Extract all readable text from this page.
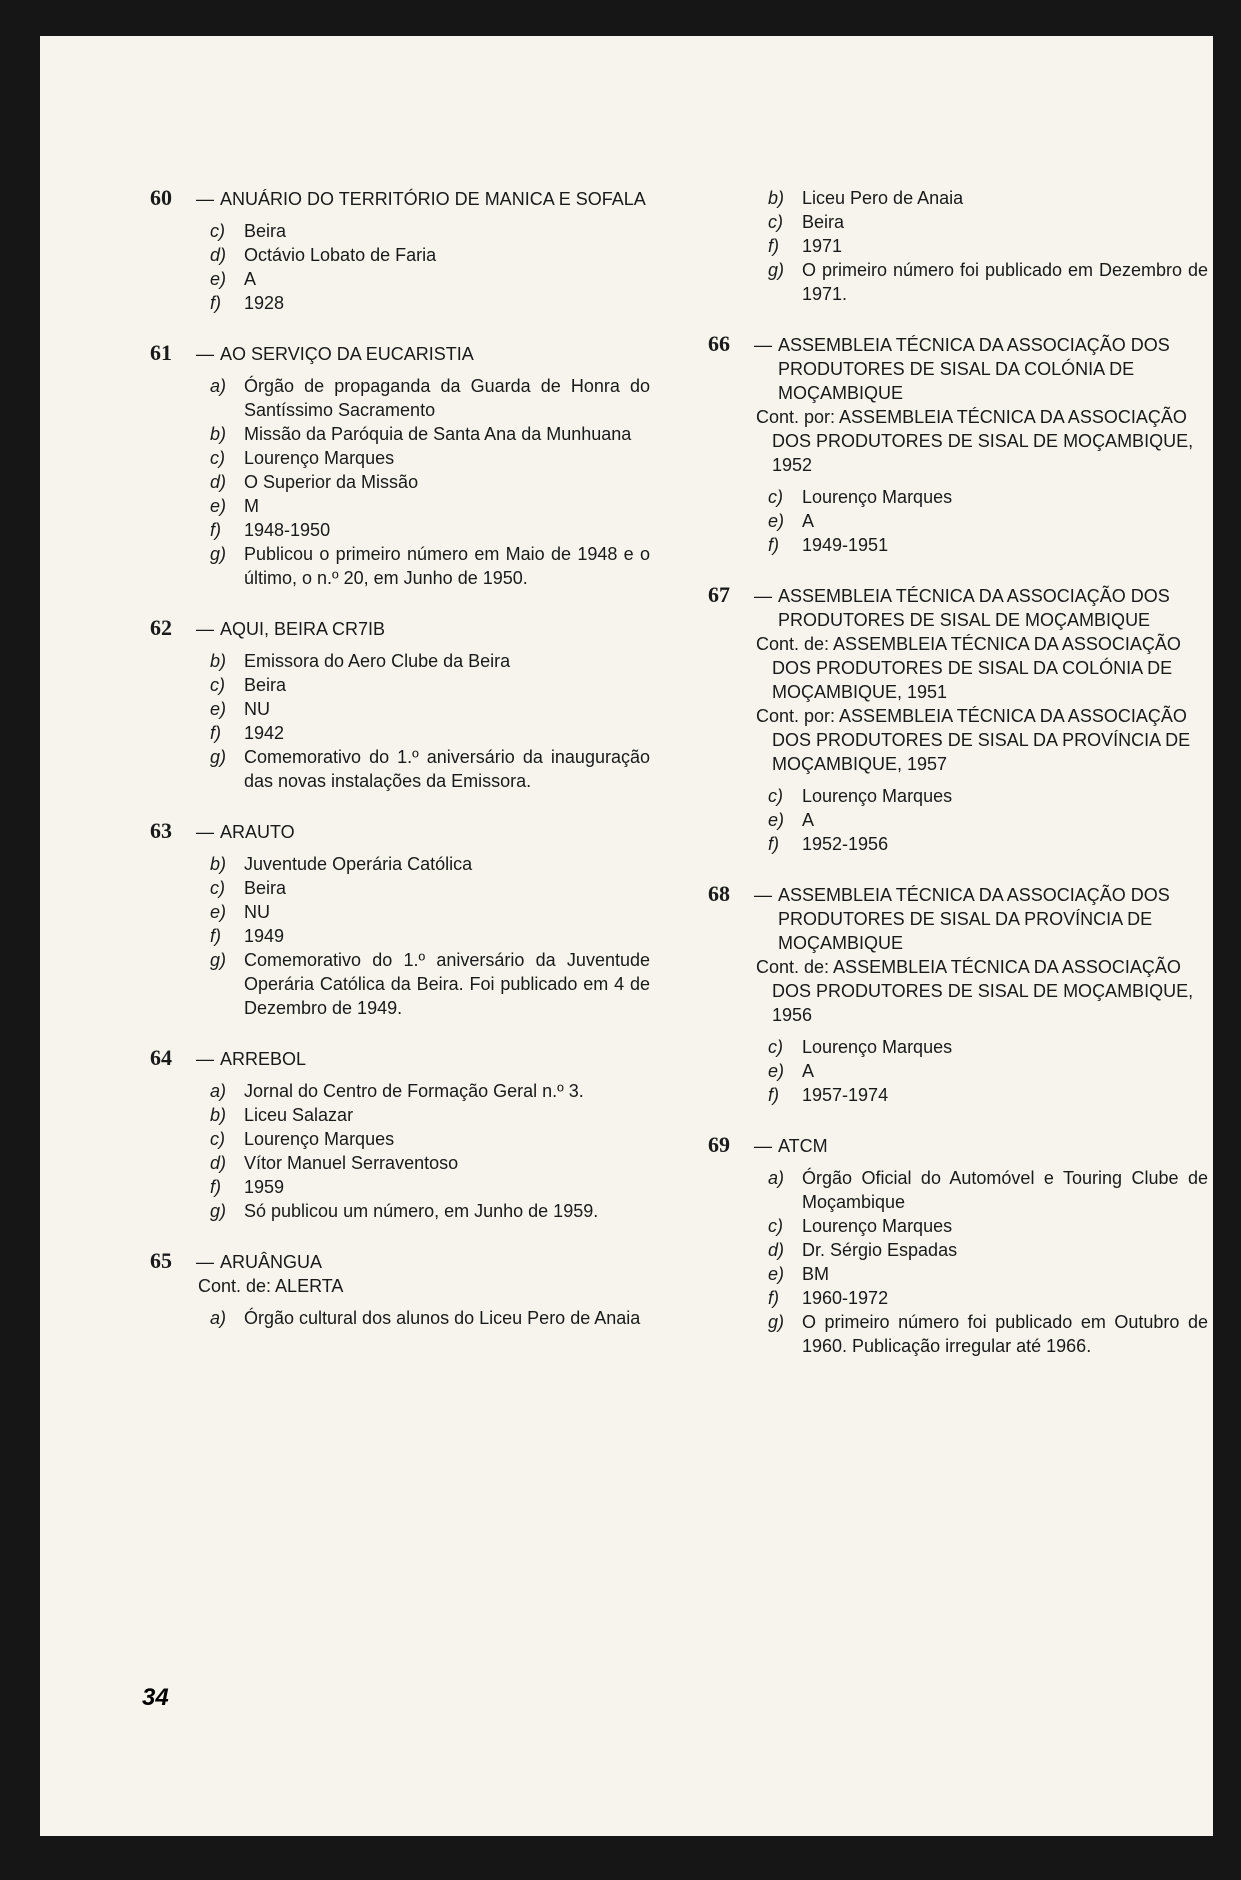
60	— ANUÁRIO DO TERRITÓRIO DE MANICA E SOFALA
c)	Beira
d) Octávio Lobato de Faria
e) A
f)	1928
61	— AO SERVIÇO DA EUCARISTIA
a) Órgão de propaganda da Guarda de Honra do Santíssimo Sacramento
b) Missão da Paróquia de Santa Ana da Munhuana
c)	Lourenço Marques
d) O Superior da Missão
e) M
f)	1948-1950
g) Publicou o primeiro número em Maio de 1948 e o último, o n.º 20, em Junho de 1950.
62	— AQUI, BEIRA CR7IB
b) Emissora do Aero Clube da Beira
c)	Beira
e) NU
f)	1942
g) Comemorativo do 1.º aniversário da inauguração das novas instalações da Emissora.
63	— ARAUTO
b) Juventude Operária Católica
c)	Beira
e) NU
f)	1949
g) Comemorativo do 1.º aniversário da Juventude Operária Católica da Beira. Foi publicado em 4 de Dezembro de 1949.
64	— ARREBOL
a) Jornal do Centro de Formação Geral n.º 3.
b) Liceu Salazar
c)	Lourenço Marques
d) Vítor Manuel Serraventoso
f)	1959
g) Só publicou um número, em Junho de 1959.
65	— ARUÂNGUA
Cont. de: ALERTA
a) Órgão cultural dos alunos do Liceu Pero de Anaia
b) Liceu Pero de Anaia
c)	Beira
f)	1971
g) O primeiro número foi publicado em Dezembro de 1971.
66	— ASSEMBLEIA TÉCNICA DA ASSOCIAÇÃO DOS PRODUTORES DE SISAL DA COLÓNIA DE MOÇAMBIQUE
Cont. por: ASSEMBLEIA TÉCNICA DA ASSOCIAÇÃO DOS PRODUTORES DE SISAL DE MOÇAMBIQUE, 1952
c)	Lourenço Marques
e) A
f)	1949-1951
67	— ASSEMBLEIA TÉCNICA DA ASSOCIAÇÃO DOS PRODUTORES DE SISAL DE MOÇAMBIQUE
Cont. de: ASSEMBLEIA TÉCNICA DA ASSOCIAÇÃO DOS PRODUTORES DE SISAL DA COLÓNIA DE MOÇAMBIQUE, 1951
Cont. por: ASSEMBLEIA TÉCNICA DA ASSOCIAÇÃO DOS PRODUTORES DE SISAL DA PROVÍNCIA DE MOÇAMBIQUE, 1957
c)	Lourenço Marques
e) A
f)	1952-1956
68	— ASSEMBLEIA TÉCNICA DA ASSOCIAÇÃO DOS PRODUTORES DE SISAL DA PROVÍNCIA DE MOÇAMBIQUE
Cont. de: ASSEMBLEIA TÉCNICA DA ASSOCIAÇÃO DOS PRODUTORES DE SISAL DE MOÇAMBIQUE, 1956
c)	Lourenço Marques
e) A
f)	1957-1974
69	— ATCM
a) Órgão Oficial do Automóvel e Touring Clube de Moçambique
c)	Lourenço Marques
d) Dr. Sérgio Espadas
e) BM
f)	1960-1972
g) O primeiro número foi publicado em Outubro de 1960. Publicação irregular até 1966.
34
